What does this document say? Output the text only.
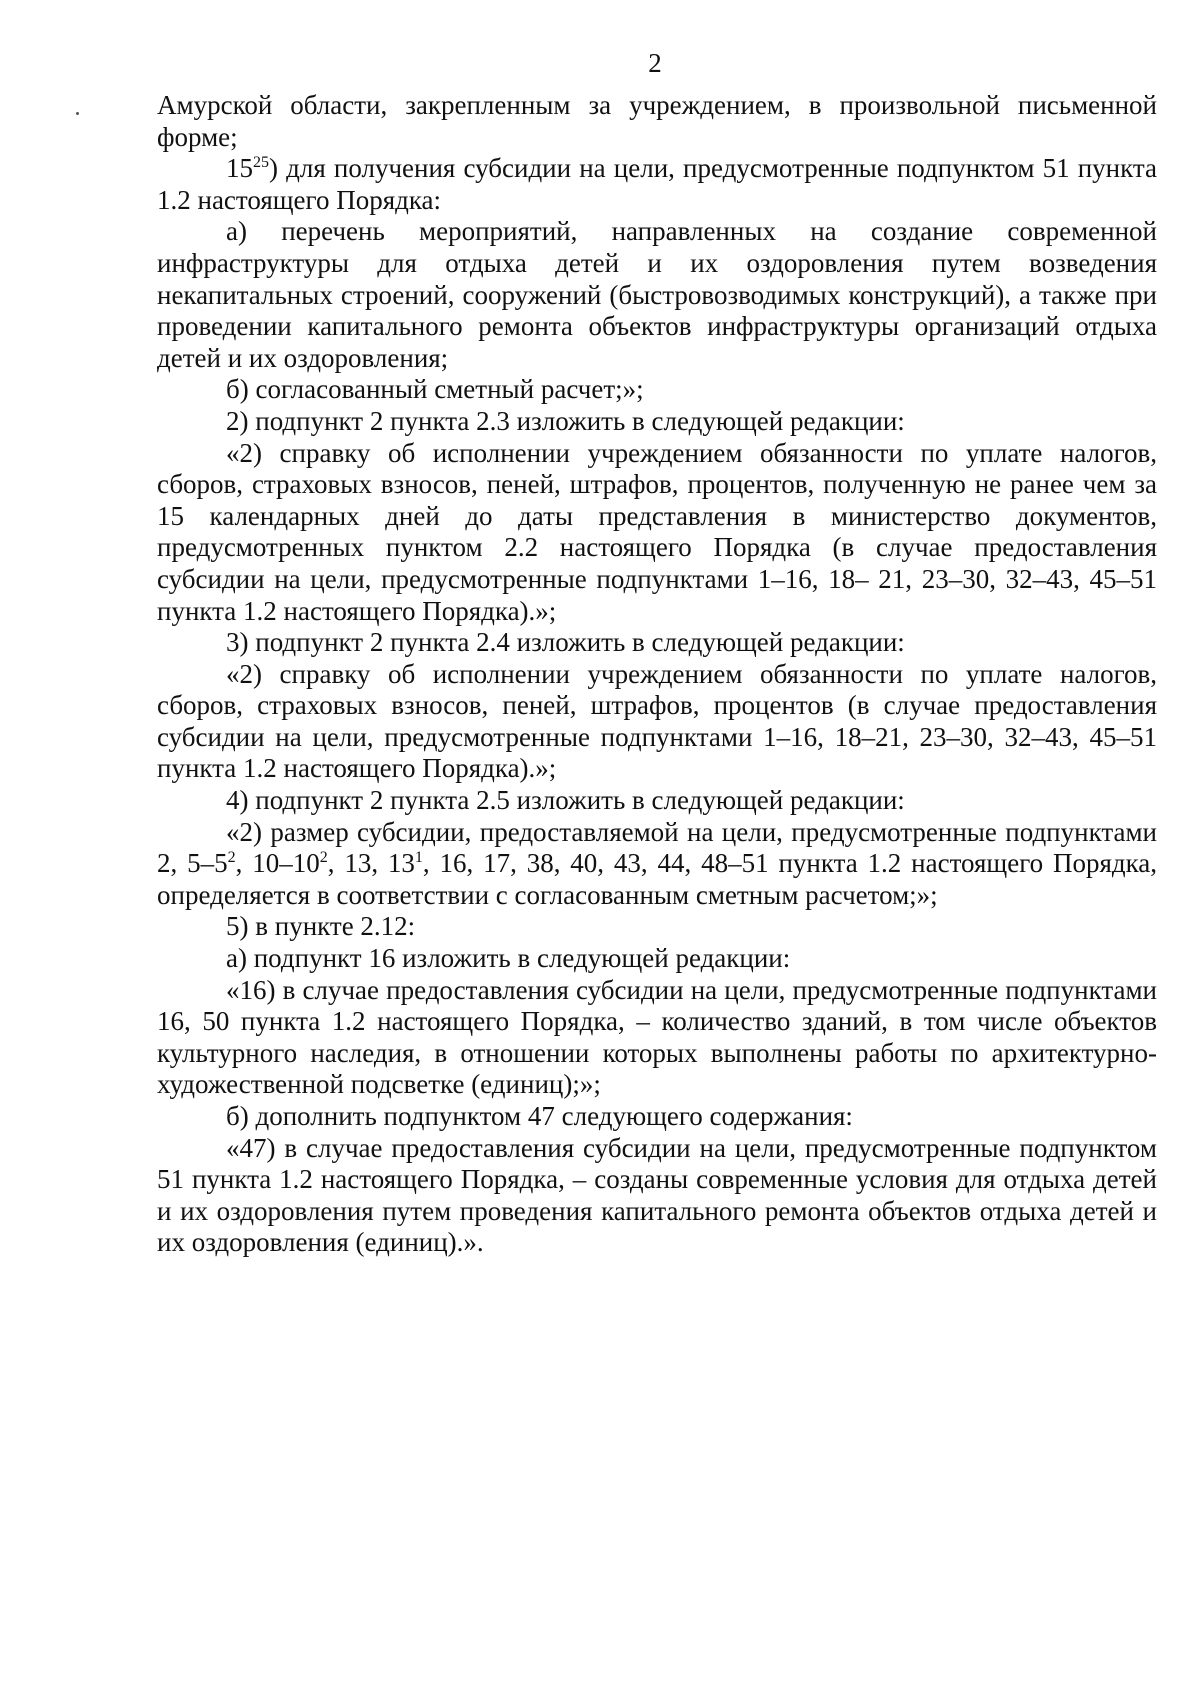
2

Амурской области, закрепленным за учреждением, в произвольной письменной форме;

$15^{25}$) для получения субсидии на цели, предусмотренные подпунктом 51 пункта 1.2 настоящего Порядка:

а) перечень мероприятий, направленных на создание современной инфраструктуры для отдыха детей и их оздоровления путем возведения некапитальных строений, сооружений (быстровозводимых конструкций), а также при проведении капитального ремонта объектов инфраструктуры организаций отдыха детей и их оздоровления;

б) согласованный сметный расчет;»;

2) подпункт 2 пункта 2.3 изложить в следующей редакции:

«2) справку об исполнении учреждением обязанности по уплате налогов, сборов, страховых взносов, пеней, штрафов, процентов, полученную не ранее чем за 15 календарных дней до даты представления в министерство документов, предусмотренных пунктом 2.2 настоящего Порядка (в случае предоставления субсидии на цели, предусмотренные подпунктами 1–16, 18– 21, 23–30, 32–43, 45–51 пункта 1.2 настоящего Порядка).»;

3) подпункт 2 пункта 2.4 изложить в следующей редакции:

«2) справку об исполнении учреждением обязанности по уплате налогов, сборов, страховых взносов, пеней, штрафов, процентов (в случае предоставления субсидии на цели, предусмотренные подпунктами 1–16, 18–21, 23–30, 32–43, 45–51 пункта 1.2 настоящего Порядка).»;

4) подпункт 2 пункта 2.5 изложить в следующей редакции:

«2) размер субсидии, предоставляемой на цели, предусмотренные подпунктами 2, $5-5^2$, $10-10^2$, 13, $13^1$, 16, 17, 38, 40, 43, 44, 48–51 пункта 1.2 настоящего Порядка, определяется в соответствии с согласованным сметным расчетом;»;

5) в пункте 2.12:

а) подпункт 16 изложить в следующей редакции:

«16) в случае предоставления субсидии на цели, предусмотренные подпунктами 16, 50 пункта 1.2 настоящего Порядка, – количество зданий, в том числе объектов культурного наследия, в отношении которых выполнены работы по архитектурно-художественной подсветке (единиц);»;

б) дополнить подпунктом 47 следующего содержания:

«47) в случае предоставления субсидии на цели, предусмотренные подпунктом 51 пункта 1.2 настоящего Порядка, – созданы современные условия для отдыха детей и их оздоровления путем проведения капитального ремонта объектов отдыха детей и их оздоровления (единиц).».
